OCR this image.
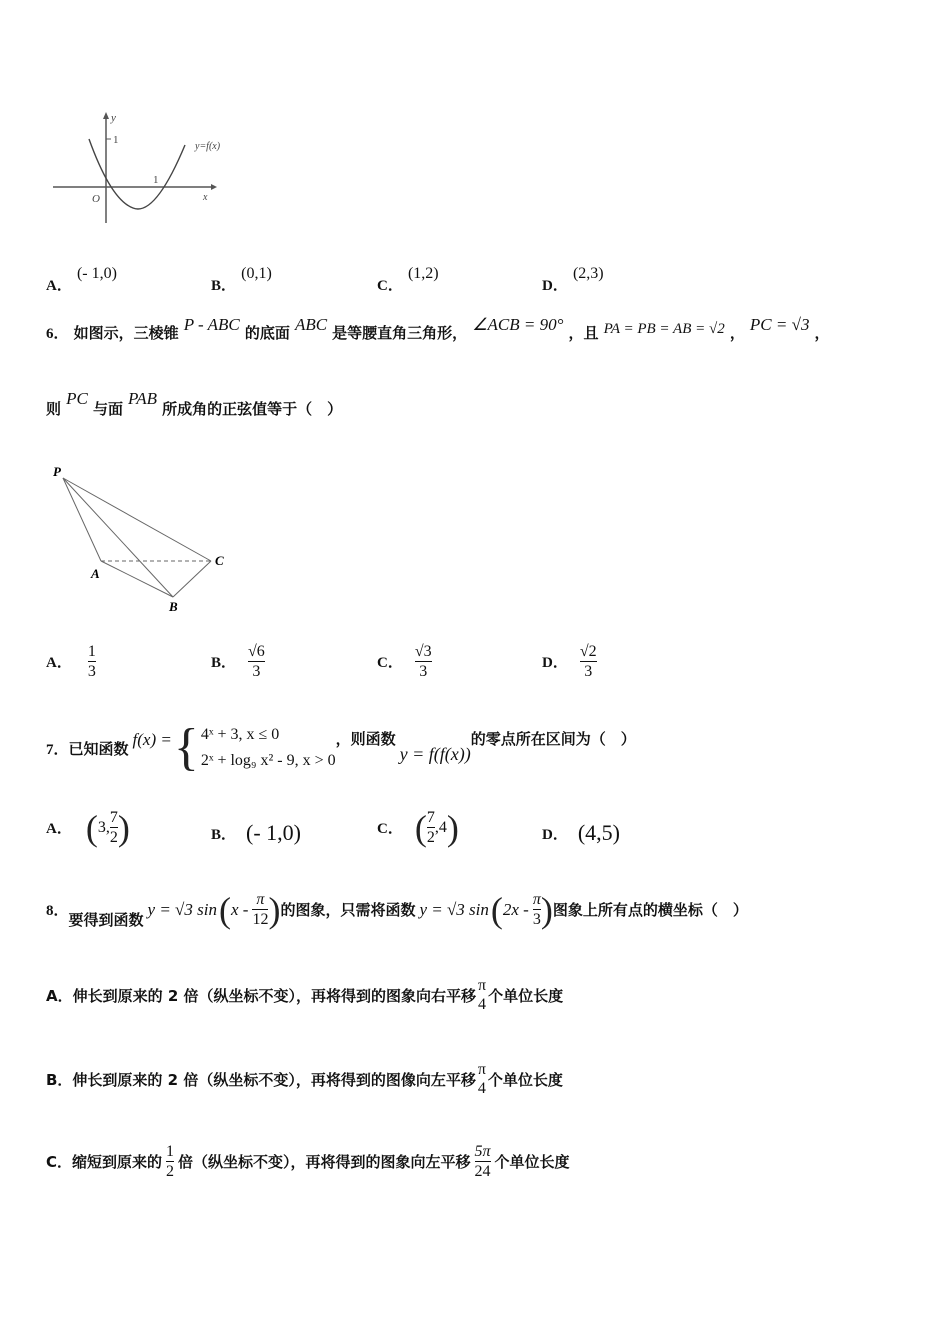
y
1
1
O	x
y=f(x)
A． (- 1,0)
B． (0,1)
C． (1,2)
D． (2,3)
6． 如图示，三棱锥 P - ABC 的底面 ABC 是等腰直角三角形， ∠ACB = 90° ，且 PA = PB = AB = √2 ， PC = √3 ，
则 PC 与面 PAB 所成角的正弦值等于（　）
P
A
B
C
A． $\frac{1}{3}$	B． $\frac{√6}{3}$	C． $\frac{√3}{3}$	D． $\frac{√2}{3}$
7． 已知函数 f(x) = { 4ˣ + 3, x ≤ 0
2ˣ + log₉ x² - 9, x > 0
，则函数
y = f(f(x))
的零点所在区间为（　）
A． ( 3, $\frac{7}{2}$ )	B． (- 1,0)	C． ( $\frac{7}{2} ,4$ )	D． (4,5)
8． 要得到函数
y = √3 sin ( x - $\frac{\pi}{12}$ ) 的图象，只需将函数 y = √3 sin ( $2x - \frac{\pi}{3}$ ) 图象上所有点的横坐标（　）
A．伸长到原来的 2 倍（纵坐标不变），再将得到的图象向右平移
π
4 个单位长度
B．伸长到原来的 2 倍（纵坐标不变），再将得到的图像向左平移
π
4 个单位长度
C．缩短到原来的 $\frac{1}{2}$ 倍（纵坐标不变），再将得到的图象向左平移 $\frac{5\pi}{24}$ 个单位长度
